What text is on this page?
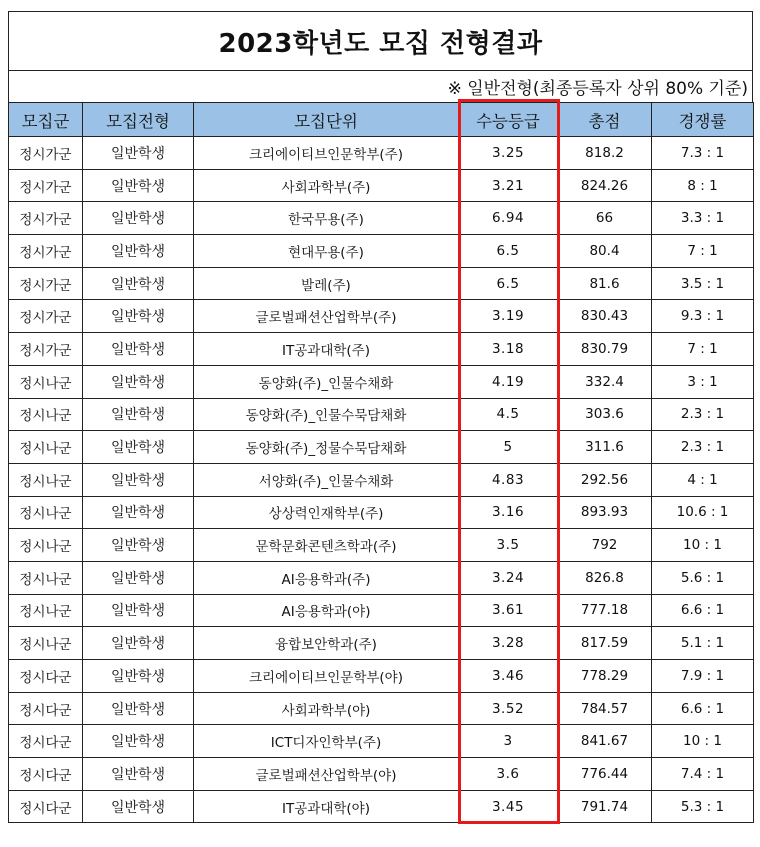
2023학년도 모집 전형결과
※ 일반전형(최종등록자 상위 80% 기준)
모집군	모집전형	모집단위	수능등급	총점	경쟁률
정시가군	일반학생	크리에이티브인문학부(주)	3.25	818.2	7.3 : 1
정시가군	일반학생	사회과학부(주)	3.21	824.26	8 : 1
정시가군	일반학생	한국무용(주)	6.94	66	3.3 : 1
정시가군	일반학생	현대무용(주)	6.5	80.4	7 : 1
정시가군	일반학생	발레(주)	6.5	81.6	3.5 : 1
정시가군	일반학생	글로벌패션산업학부(주)	3.19	830.43	9.3 : 1
정시가군	일반학생	IT공과대학(주)	3.18	830.79	7 : 1
정시나군	일반학생	동양화(주)_인물수채화	4.19	332.4	3 : 1
정시나군	일반학생	동양화(주)_인물수묵담채화	4.5	303.6	2.3 : 1
정시나군	일반학생	동양화(주)_정물수묵담채화	5	311.6	2.3 : 1
정시나군	일반학생	서양화(주)_인물수채화	4.83	292.56	4 : 1
정시나군	일반학생	상상력인재학부(주)	3.16	893.93	10.6 : 1
정시나군	일반학생	문학문화콘텐츠학과(주)	3.5	792	10 : 1
정시나군	일반학생	AI응용학과(주)	3.24	826.8	5.6 : 1
정시나군	일반학생	AI응용학과(야)	3.61	777.18	6.6 : 1
정시나군	일반학생	융합보안학과(주)	3.28	817.59	5.1 : 1
정시다군	일반학생	크리에이티브인문학부(야)	3.46	778.29	7.9 : 1
정시다군	일반학생	사회과학부(야)	3.52	784.57	6.6 : 1
정시다군	일반학생	ICT디자인학부(주)	3	841.67	10 : 1
정시다군	일반학생	글로벌패션산업학부(야)	3.6	776.44	7.4 : 1
정시다군	일반학생	IT공과대학(야)	3.45	791.74	5.3 : 1
